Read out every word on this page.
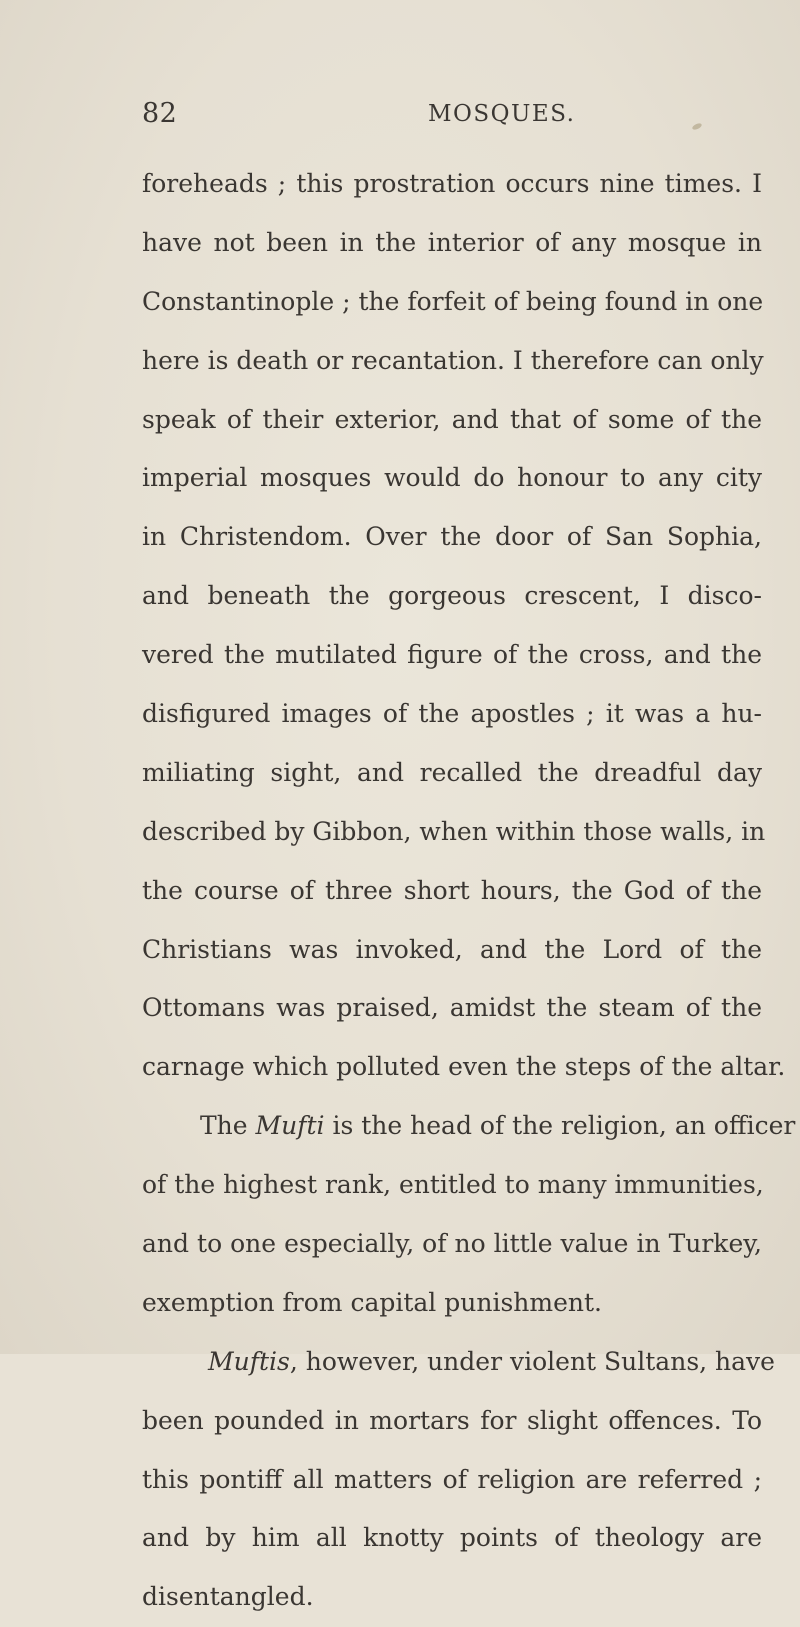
82	MOSQUES.
foreheads ; this prostration occurs nine times. I
have not been in the interior of any mosque in
Constantinople ; the forfeit of being found in one
here is death or recantation. I therefore can only
speak of their exterior, and that of some of the
imperial mosques would do honour to any city
in Christendom. Over the door of San Sophia,
and beneath the gorgeous crescent, I disco-
vered the mutilated figure of the cross, and the
disfigured images of the apostles ; it was a hu-
miliating sight, and recalled the dreadful day
described by Gibbon, when within those walls, in
the course of three short hours, the God of the
Christians was invoked, and the Lord of the
Ottomans was praised, amidst the steam of the
carnage which polluted even the steps of the altar.
The Mufti is the head of the religion, an officer
of the highest rank, entitled to many immunities,
and to one especially, of no little value in Turkey,
exemption from capital punishment.
Muftis, however, under violent Sultans, have
been pounded in mortars for slight offences. To
this pontiff all matters of religion are referred ;
and by him all knotty points of theology are
disentangled.
